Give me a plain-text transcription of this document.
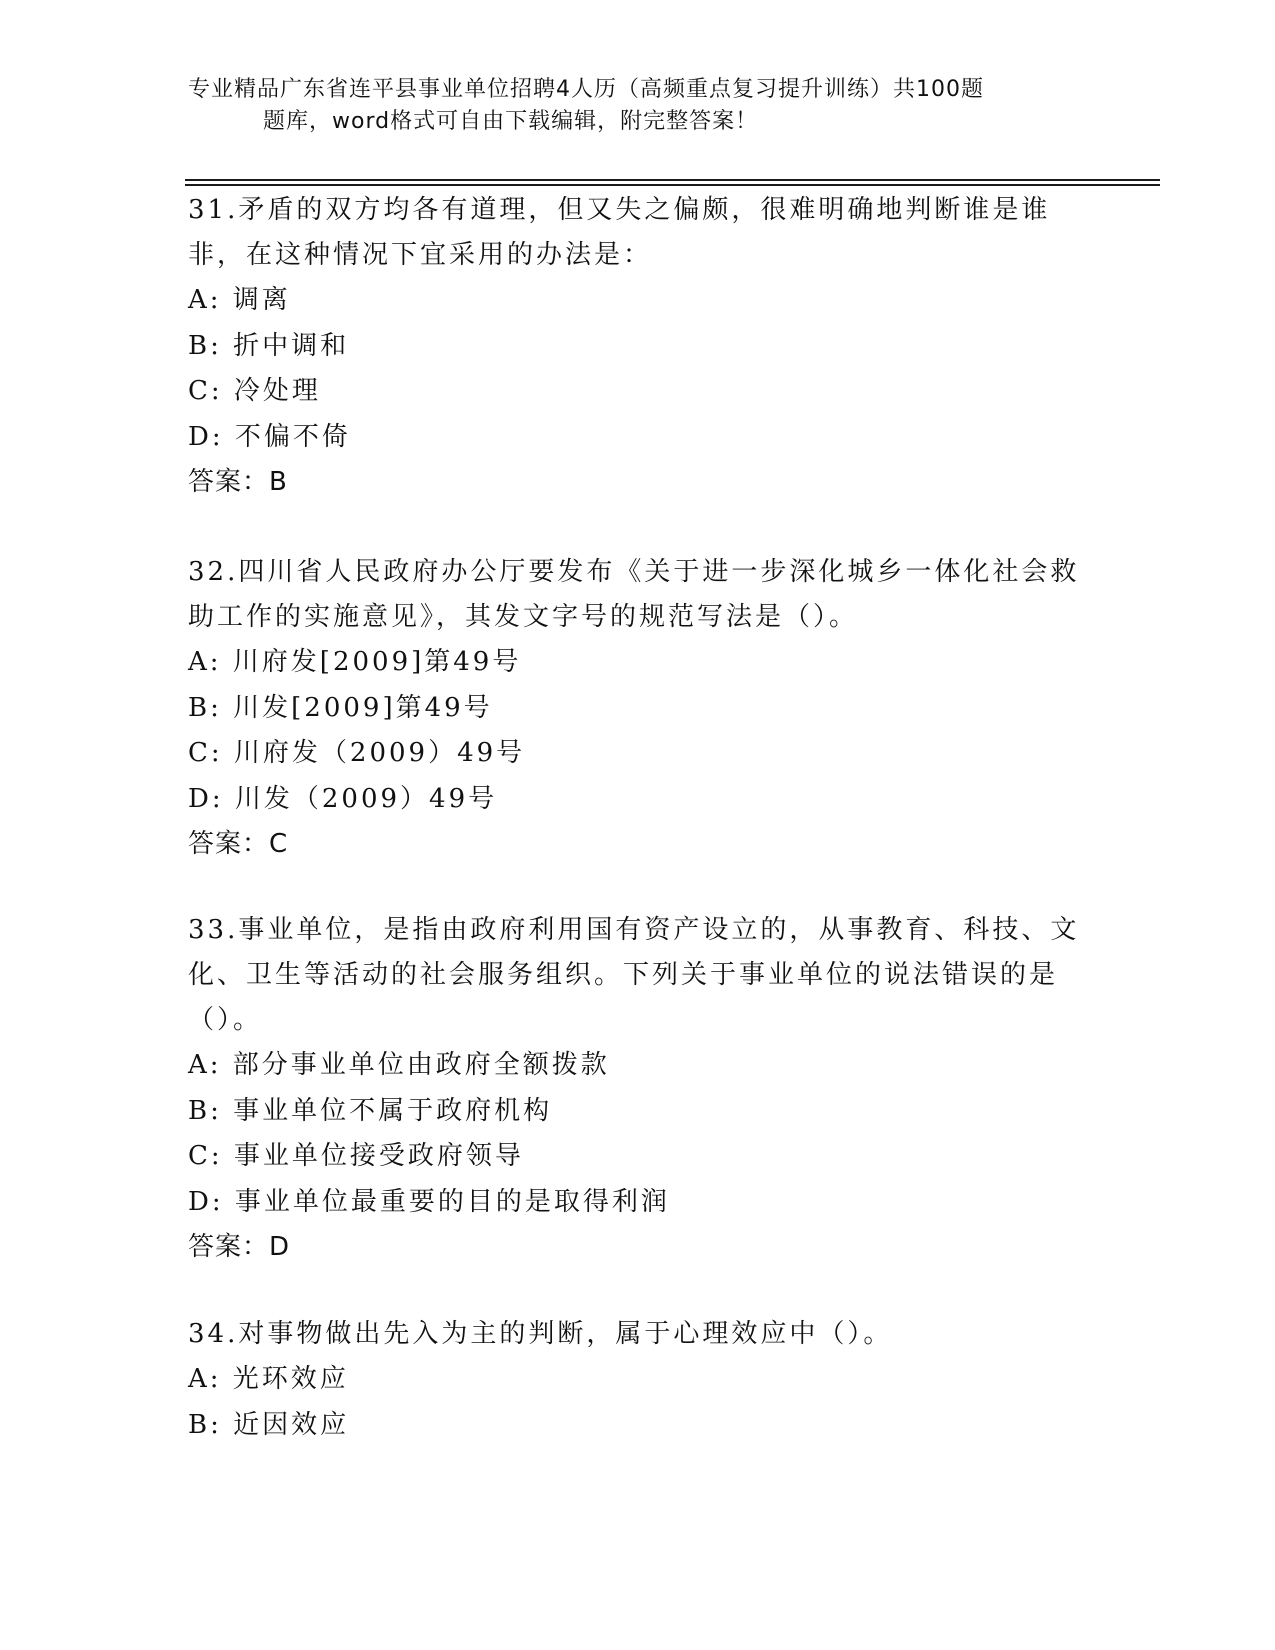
专业精品广东省连平县事业单位招聘4人历（高频重点复习提升训练）共100题
题库，word格式可自由下载编辑，附完整答案！
31.矛盾的双方均各有道理，但又失之偏颇，很难明确地判断谁是谁非，在这种情况下宜采用的办法是：
A: 调离
B: 折中调和
C: 冷处理
D: 不偏不倚
答案：B
32.四川省人民政府办公厅要发布《关于进一步深化城乡一体化社会救助工作的实施意见》，其发文字号的规范写法是（）。
A: 川府发[2009]第49号
B: 川发[2009]第49号
C: 川府发（2009）49号
D: 川发（2009）49号
答案：C
33.事业单位，是指由政府利用国有资产设立的，从事教育、科技、文化、卫生等活动的社会服务组织。下列关于事业单位的说法错误的是（）。
A: 部分事业单位由政府全额拨款
B: 事业单位不属于政府机构
C: 事业单位接受政府领导
D: 事业单位最重要的目的是取得利润
答案：D
34.对事物做出先入为主的判断，属于心理效应中（）。
A: 光环效应
B: 近因效应
